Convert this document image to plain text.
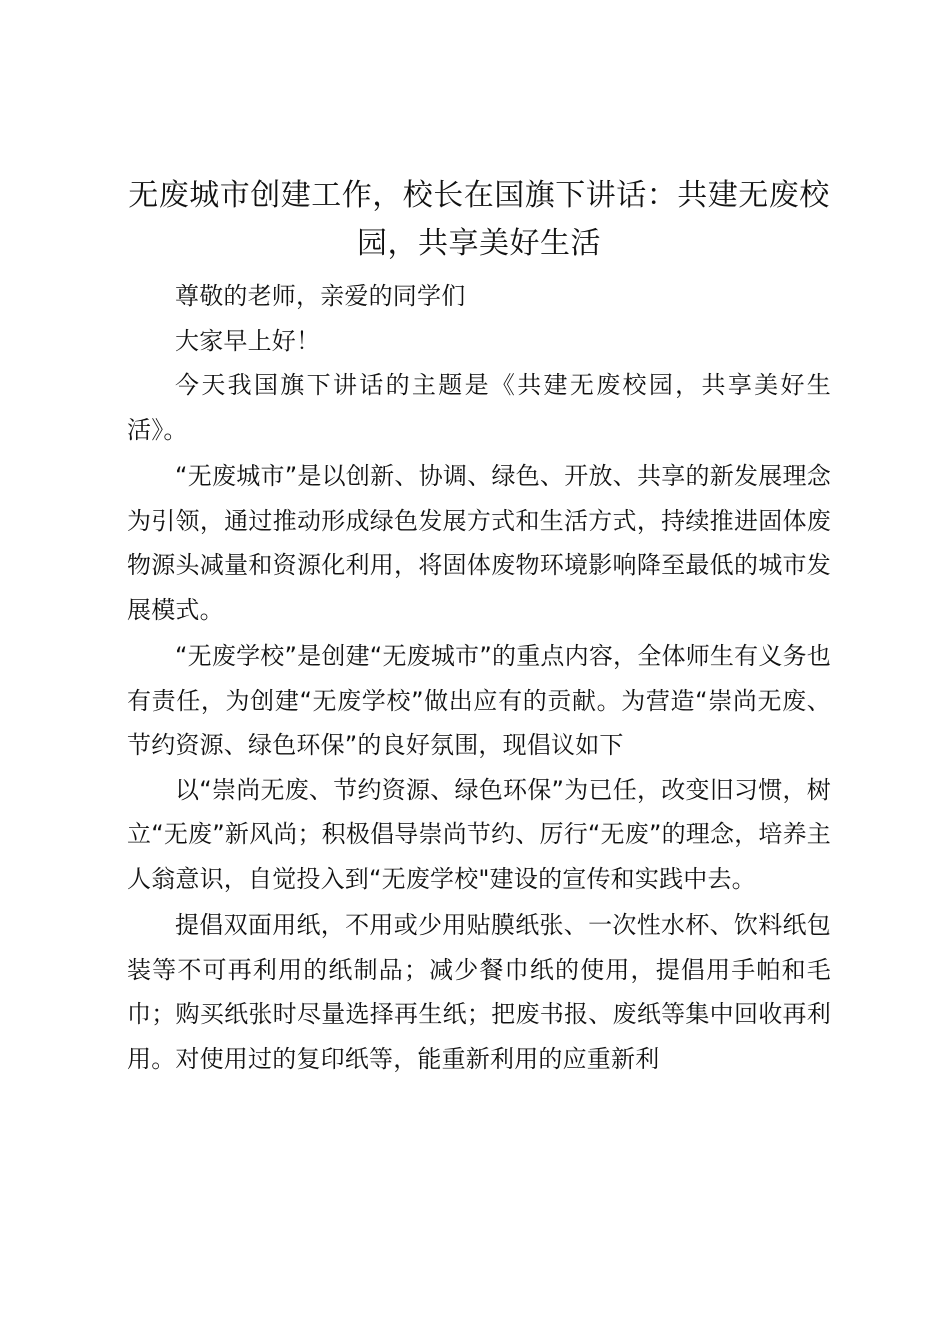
无废城市创建工作，校长在国旗下讲话：共建无废校园，共享美好生活

尊敬的老师，亲爱的同学们

大家早上好！

今天我国旗下讲话的主题是《共建无废校园，共享美好生活》。

“无废城市”是以创新、协调、绿色、开放、共享的新发展理念为引领，通过推动形成绿色发展方式和生活方式，持续推进固体废物源头减量和资源化利用，将固体废物环境影响降至最低的城市发展模式。

“无废学校”是创建“无废城市”的重点内容，全体师生有义务也有责任，为创建“无废学校”做出应有的贡献。为营造“崇尚无废、节约资源、绿色环保”的良好氛围，现倡议如下

以“崇尚无废、节约资源、绿色环保”为已任，改变旧习惯，树立“无废”新风尚；积极倡导崇尚节约、厉行“无废”的理念，培养主人翁意识，自觉投入到“无废学校"建设的宣传和实践中去。

提倡双面用纸，不用或少用贴膜纸张、一次性水杯、饮料纸包装等不可再利用的纸制品；减少餐巾纸的使用，提倡用手帕和毛巾；购买纸张时尽量选择再生纸；把废书报、废纸等集中回收再利用。对使用过的复印纸等，能重新利用的应重新利
